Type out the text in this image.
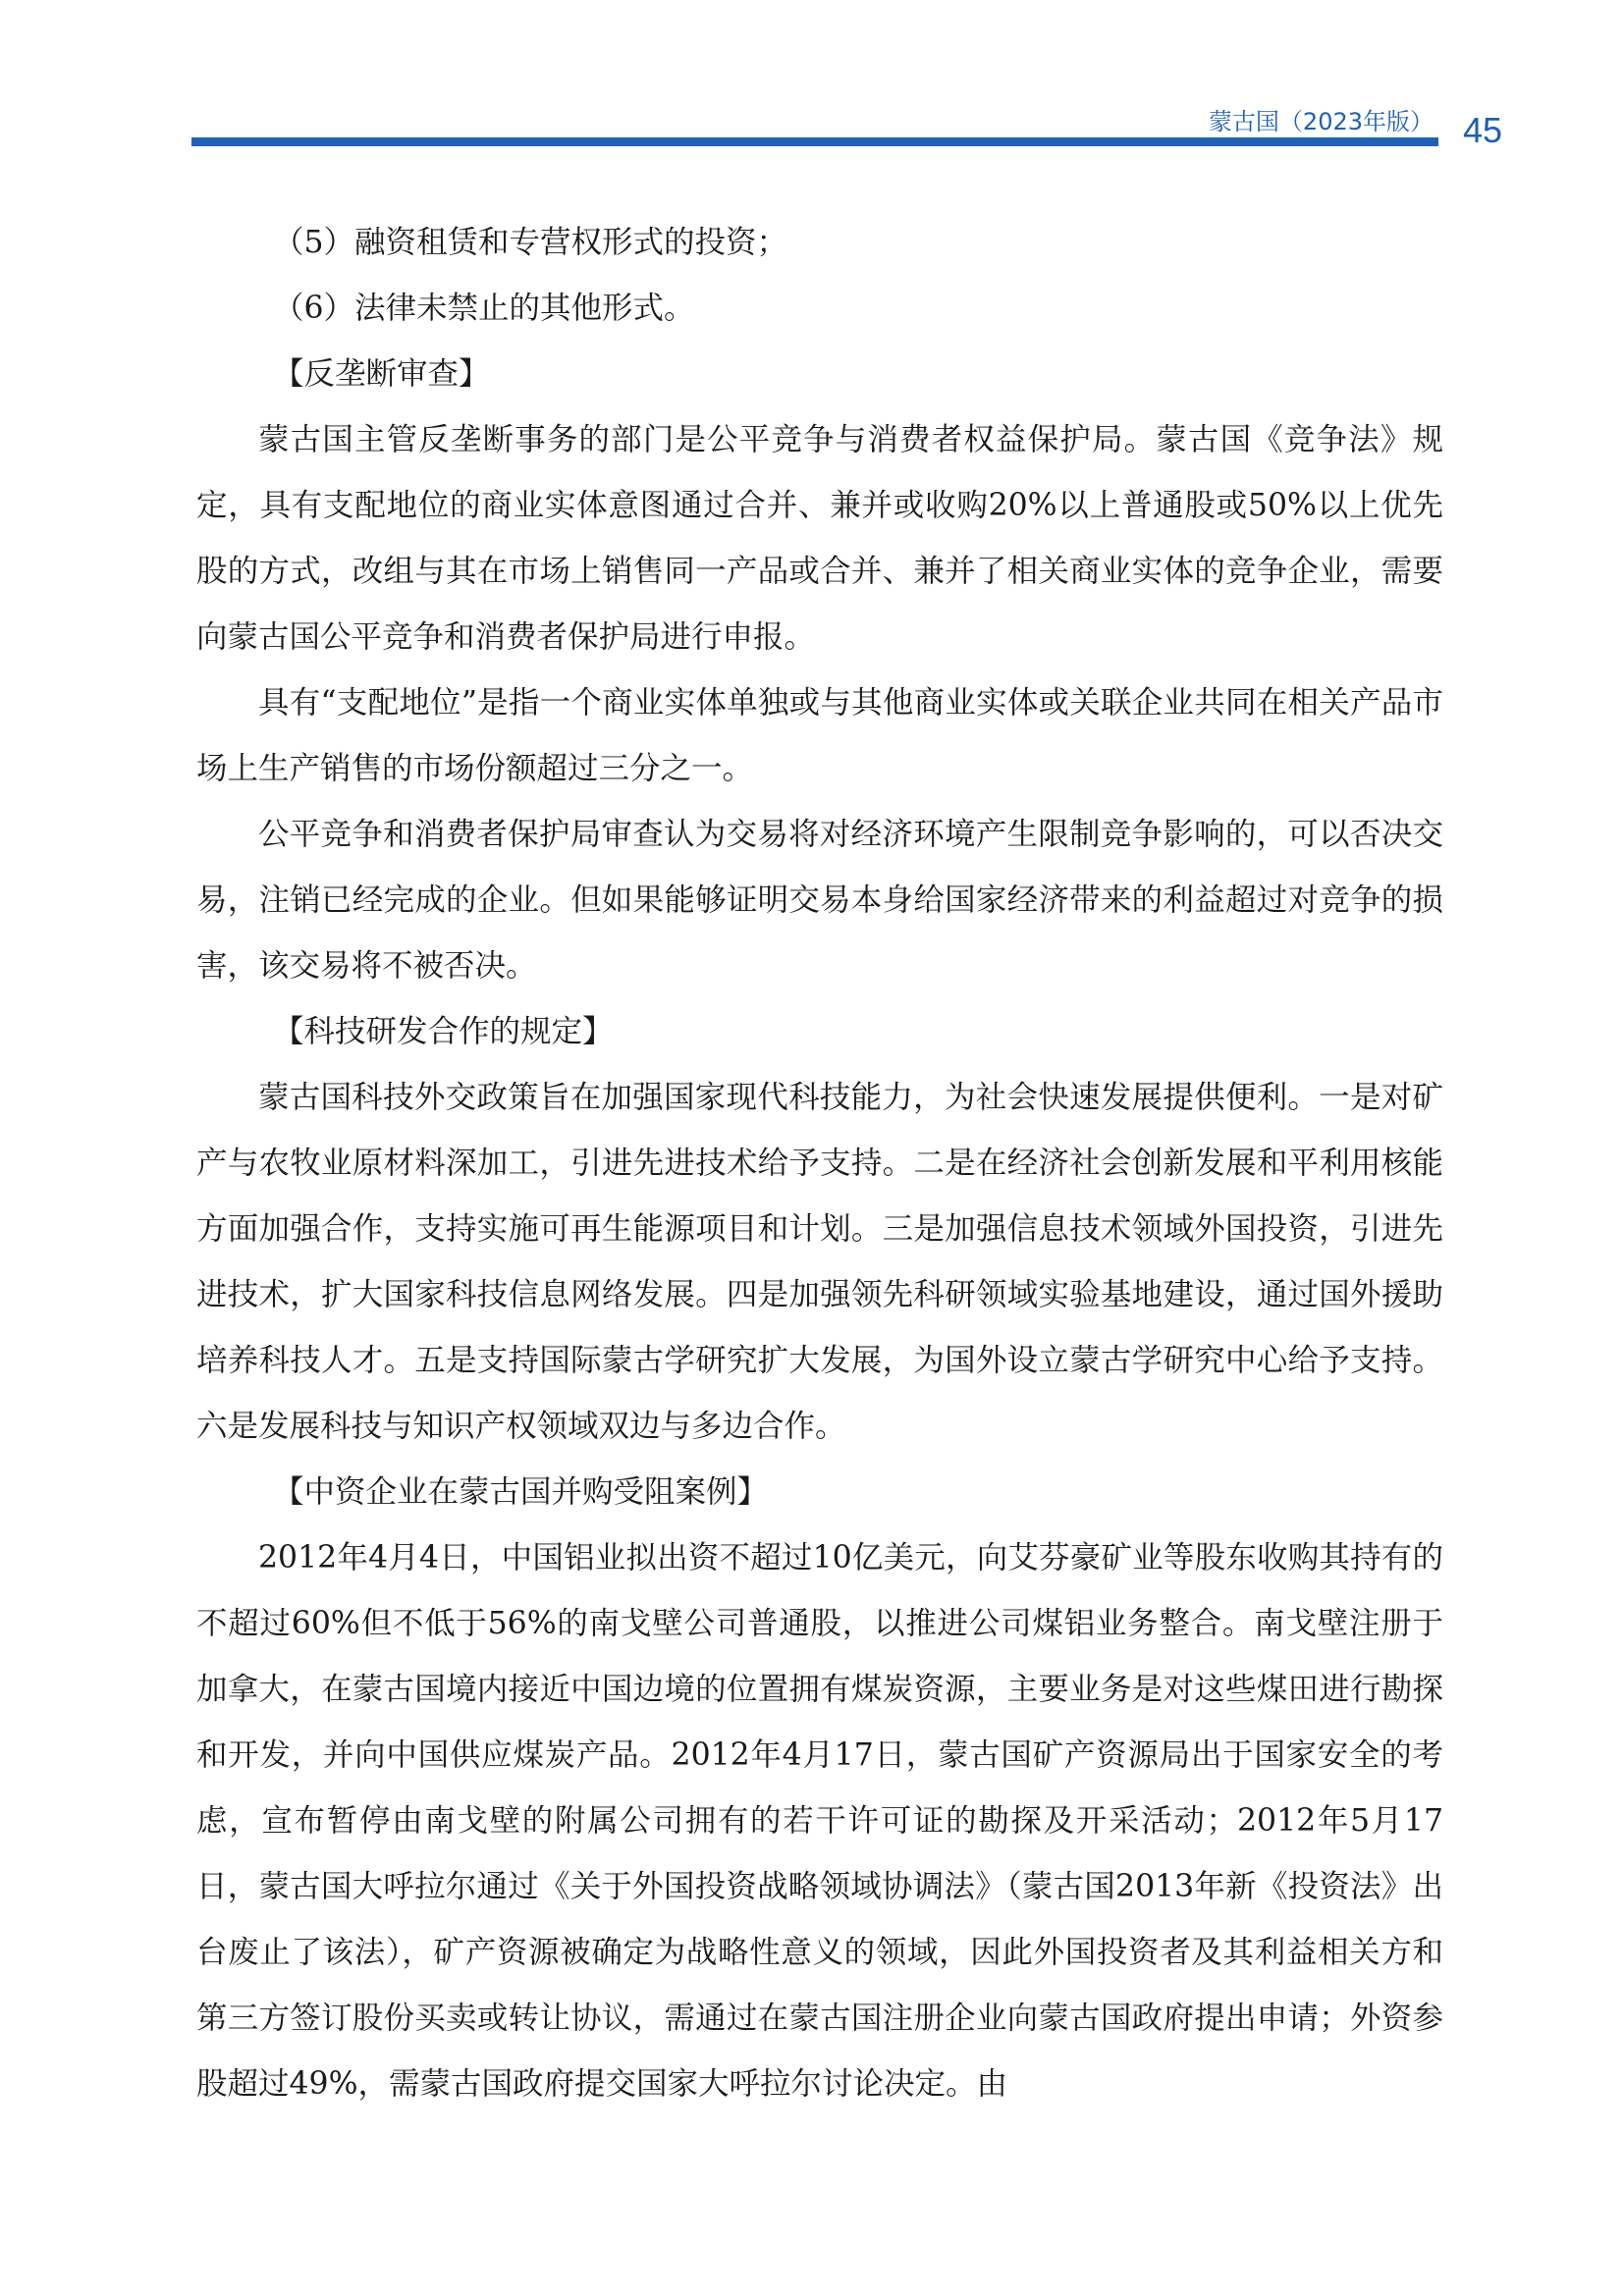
蒙古国（2023年版） 45

（5）融资租赁和专营权形式的投资；

（6）法律未禁止的其他形式。

【反垄断审查】

蒙古国主管反垄断事务的部门是公平竞争与消费者权益保护局。蒙古国《竞争法》规定，具有支配地位的商业实体意图通过合并、兼并或收购20%以上普通股或50%以上优先股的方式，改组与其在市场上销售同一产品或合并、兼并了相关商业实体的竞争企业，需要向蒙古国公平竞争和消费者保护局进行申报。

具有“支配地位”是指一个商业实体单独或与其他商业实体或关联企业共同在相关产品市场上生产销售的市场份额超过三分之一。

公平竞争和消费者保护局审查认为交易将对经济环境产生限制竞争影响的，可以否决交易，注销已经完成的企业。但如果能够证明交易本身给国家经济带来的利益超过对竞争的损害，该交易将不被否决。

【科技研发合作的规定】

蒙古国科技外交政策旨在加强国家现代科技能力，为社会快速发展提供便利。一是对矿产与农牧业原材料深加工，引进先进技术给予支持。二是在经济社会创新发展和平利用核能方面加强合作，支持实施可再生能源项目和计划。三是加强信息技术领域外国投资，引进先进技术，扩大国家科技信息网络发展。四是加强领先科研领域实验基地建设，通过国外援助培养科技人才。五是支持国际蒙古学研究扩大发展，为国外设立蒙古学研究中心给予支持。六是发展科技与知识产权领域双边与多边合作。

【中资企业在蒙古国并购受阻案例】

2012年4月4日，中国铝业拟出资不超过10亿美元，向艾芬豪矿业等股东收购其持有的不超过60%但不低于56%的南戈壁公司普通股，以推进公司煤铝业务整合。南戈壁注册于加拿大，在蒙古国境内接近中国边境的位置拥有煤炭资源，主要业务是对这些煤田进行勘探和开发，并向中国供应煤炭产品。2012年4月17日，蒙古国矿产资源局出于国家安全的考虑，宣布暂停由南戈壁的附属公司拥有的若干许可证的勘探及开采活动；2012年5月17日，蒙古国大呼拉尔通过《关于外国投资战略领域协调法》（蒙古国2013年新《投资法》出台废止了该法），矿产资源被确定为战略性意义的领域，因此外国投资者及其利益相关方和第三方签订股份买卖或转让协议，需通过在蒙古国注册企业向蒙古国政府提出申请；外资参股超过49%，需蒙古国政府提交国家大呼拉尔讨论决定。由
